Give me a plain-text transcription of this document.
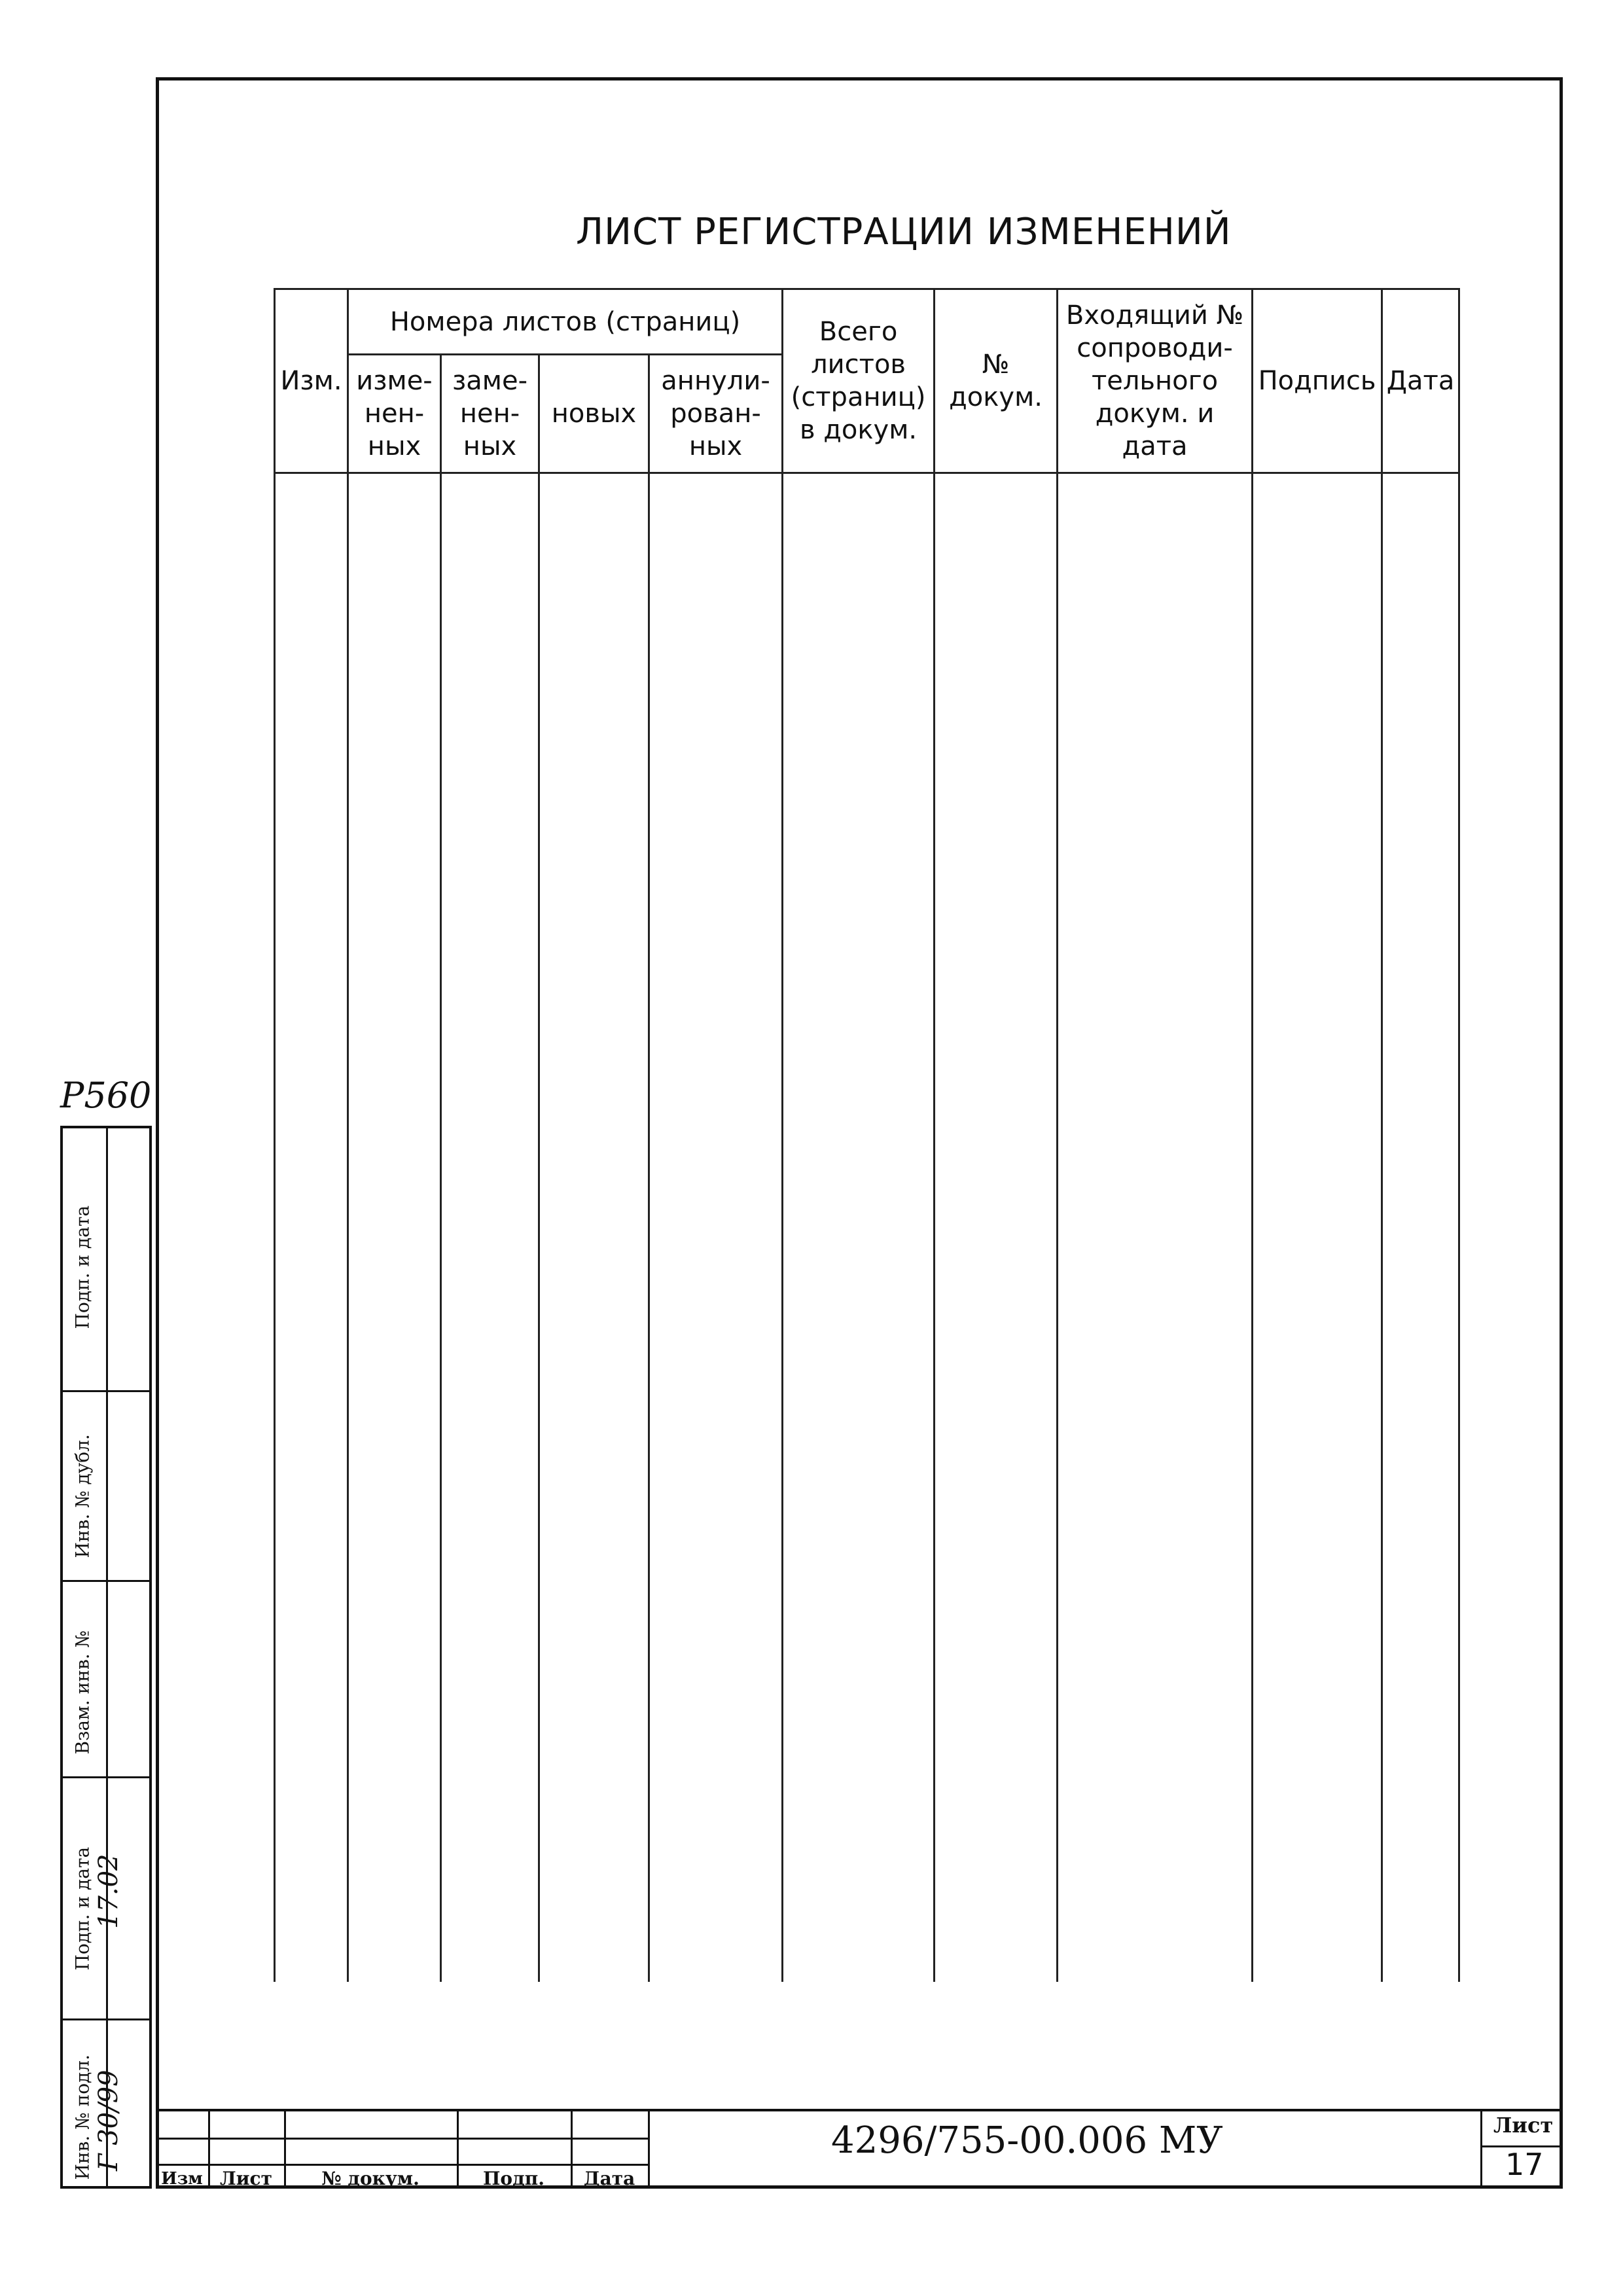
P560
ЛИСТ РЕГИСТРАЦИИ ИЗМЕНЕНИЙ
Изм.	Номера листов (страниц)				Всего листов (страниц) в докум.	№ докум.	Входящий № сопроводи-тельного докум. и дата	Подпись	Дата
	изме-нен-ных	заме-нен-ных	новых	аннули-рован-ных					

Подп. и дата
Инв. № дубл.
Взам. инв. №
Подп. и дата
Инв. № подл.
17.02
Г 30/99
Изм Лист	№ докум.	Подп.	Дата
4296/755-00.006 МУ	Лист
17
